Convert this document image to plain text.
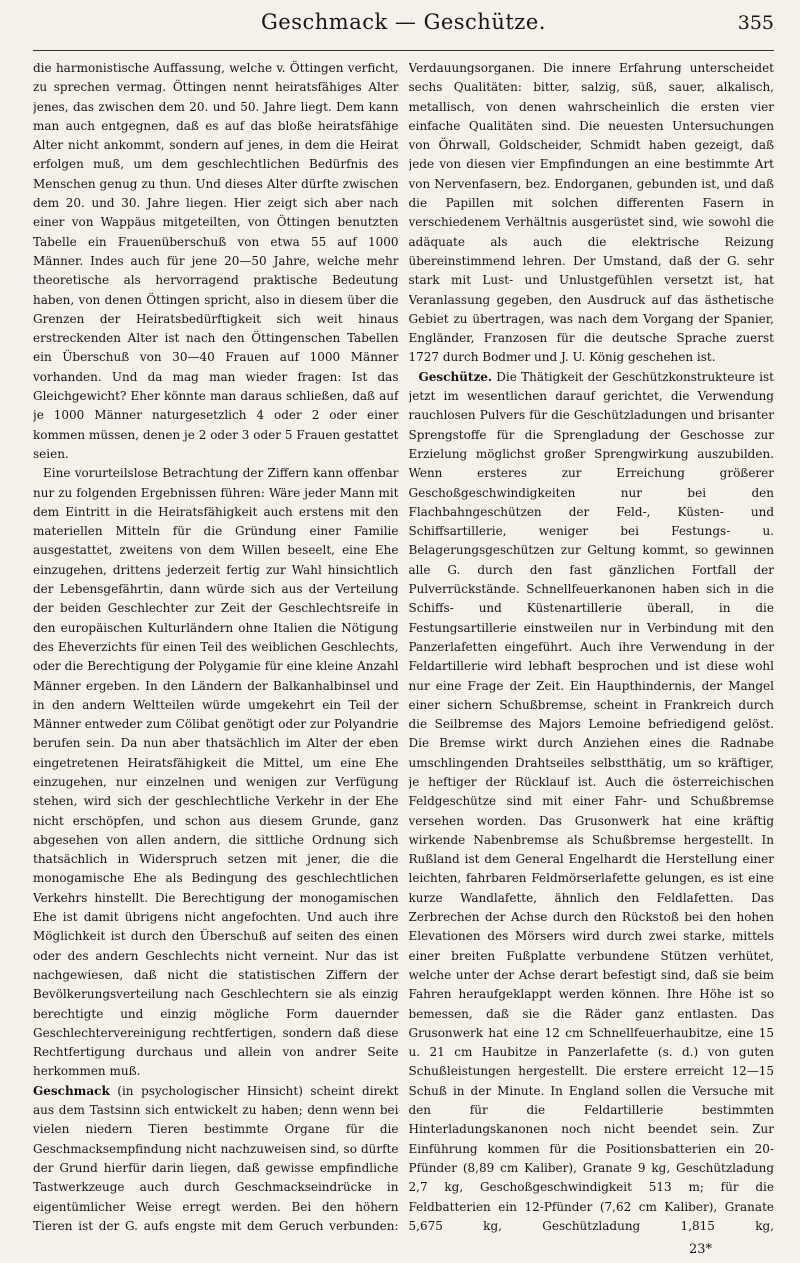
Geschmack — Geschütze.	355

die harmonistische Auffassung, welche v. Öttingen verficht, zu sprechen vermag. Öttingen nennt heiratsfähiges Alter jenes, das zwischen dem 20. und 50. Jahre liegt. Dem kann man auch entgegnen, daß es auf das bloße heiratsfähige Alter nicht ankommt, sondern auf jenes, in dem die Heirat erfolgen muß, um dem geschlechtlichen Bedürfnis des Menschen genug zu thun. Und dieses Alter dürfte zwischen dem 20. und 30. Jahre liegen. Hier zeigt sich aber nach einer von Wappäus mitgeteilten, von Öttingen benutzten Tabelle ein Frauenüberschuß von etwa 55 auf 1000 Männer. Indes auch für jene 20—50 Jahre, welche mehr theoretische als hervorragend praktische Bedeutung haben, von denen Öttingen spricht, also in diesem über die Grenzen der Heiratsbedürftigkeit sich weit hinaus erstreckenden Alter ist nach den Öttingenschen Tabellen ein Überschuß von 30—40 Frauen auf 1000 Männer vorhanden. Und da mag man wieder fragen: Ist das Gleichgewicht? Eher könnte man daraus schließen, daß auf je 1000 Männer naturgesetzlich 4 oder 2 oder einer kommen müssen, denen je 2 oder 3 oder 5 Frauen gestattet seien.

Eine vorurteilslose Betrachtung der Ziffern kann offenbar nur zu folgenden Ergebnissen führen: Wäre jeder Mann mit dem Eintritt in die Heiratsfähigkeit auch erstens mit den materiellen Mitteln für die Gründung einer Familie ausgestattet, zweitens von dem Willen beseelt, eine Ehe einzugehen, drittens jederzeit fertig zur Wahl hinsichtlich der Lebensgefährtin, dann würde sich aus der Verteilung der beiden Geschlechter zur Zeit der Geschlechtsreife in den europäischen Kulturländern ohne Italien die Nötigung des Eheverzichts für einen Teil des weiblichen Geschlechts, oder die Berechtigung der Polygamie für eine kleine Anzahl Männer ergeben. In den Ländern der Balkanhalbinsel und in den andern Weltteilen würde umgekehrt ein Teil der Männer entweder zum Cölibat genötigt oder zur Polyandrie berufen sein. Da nun aber thatsächlich im Alter der eben eingetretenen Heiratsfähigkeit die Mittel, um eine Ehe einzugehen, nur einzelnen und wenigen zur Verfügung stehen, wird sich der geschlechtliche Verkehr in der Ehe nicht erschöpfen, und schon aus diesem Grunde, ganz abgesehen von allen andern, die sittliche Ordnung sich thatsächlich in Widerspruch setzen mit jener, die die monogamische Ehe als Bedingung des geschlechtlichen Verkehrs hinstellt. Die Berechtigung der monogamischen Ehe ist damit übrigens nicht angefochten. Und auch ihre Möglichkeit ist durch den Überschuß auf seiten des einen oder des andern Geschlechts nicht verneint. Nur das ist nachgewiesen, daß nicht die statistischen Ziffern der Bevölkerungsverteilung nach Geschlechtern sie als einzig berechtigte und einzig mögliche Form dauernder Geschlechtervereinigung rechtfertigen, sondern daß diese Rechtfertigung durchaus und allein von andrer Seite herkommen muß.

Geschmack (in psychologischer Hinsicht) scheint direkt aus dem Tastsinn sich entwickelt zu haben; denn wenn bei vielen niedern Tieren bestimmte Organe für die Geschmacksempfindung nicht nachzuweisen sind, so dürfte der Grund hierfür darin liegen, daß gewisse empfindliche Tastwerkzeuge auch durch Geschmackseindrücke in eigentümlicher Weise erregt werden. Bei den höhern Tieren ist der G. aufs engste mit dem Geruch verbunden:

Verdauungsorganen. Die innere Erfahrung unterscheidet sechs Qualitäten: bitter, salzig, süß, sauer, alkalisch, metallisch, von denen wahrscheinlich die ersten vier einfache Qualitäten sind. Die neuesten Untersuchungen von Öhrwall, Goldscheider, Schmidt haben gezeigt, daß jede von diesen vier Empfindungen an eine bestimmte Art von Nervenfasern, bez. Endorganen, gebunden ist, und daß die Papillen mit solchen differenten Fasern in verschiedenem Verhältnis ausgerüstet sind, wie sowohl die adäquate als auch die elektrische Reizung übereinstimmend lehren. Der Umstand, daß der G. sehr stark mit Lust- und Unlustgefühlen versetzt ist, hat Veranlassung gegeben, den Ausdruck auf das ästhetische Gebiet zu übertragen, was nach dem Vorgang der Spanier, Engländer, Franzosen für die deutsche Sprache zuerst 1727 durch Bodmer und J. U. König geschehen ist.

Geschütze. Die Thätigkeit der Geschützkonstrukteure ist jetzt im wesentlichen darauf gerichtet, die Verwendung rauchlosen Pulvers für die Geschützladungen und brisanter Sprengstoffe für die Sprengladung der Geschosse zur Erzielung möglichst großer Sprengwirkung auszubilden. Wenn ersteres zur Erreichung größerer Geschoßgeschwindigkeiten nur bei den Flachbahngeschützen der Feld-, Küsten- und Schiffsartillerie, weniger bei Festungs- u. Belagerungsgeschützen zur Geltung kommt, so gewinnen alle G. durch den fast gänzlichen Fortfall der Pulverrückstände. Schnellfeuerkanonen haben sich in die Schiffs- und Küstenartillerie überall, in die Festungsartillerie einstweilen nur in Verbindung mit den Panzerlafetten eingeführt. Auch ihre Verwendung in der Feldartillerie wird lebhaft besprochen und ist diese wohl nur eine Frage der Zeit. Ein Haupthindernis, der Mangel einer sichern Schußbremse, scheint in Frankreich durch die Seilbremse des Majors Lemoine befriedigend gelöst. Die Bremse wirkt durch Anziehen eines die Radnabe umschlingenden Drahtseiles selbstthätig, um so kräftiger, je heftiger der Rücklauf ist. Auch die österreichischen Feldgeschütze sind mit einer Fahr- und Schußbremse versehen worden. Das Grusonwerk hat eine kräftig wirkende Nabenbremse als Schußbremse hergestellt. In Rußland ist dem General Engelhardt die Herstellung einer leichten, fahrbaren Feldmörserlafette gelungen, es ist eine kurze Wandlafette, ähnlich den Feldlafetten. Das Zerbrechen der Achse durch den Rückstoß bei den hohen Elevationen des Mörsers wird durch zwei starke, mittels einer breiten Fußplatte verbundene Stützen verhütet, welche unter der Achse derart befestigt sind, daß sie beim Fahren heraufgeklappt werden können. Ihre Höhe ist so bemessen, daß sie die Räder ganz entlasten. Das Grusonwerk hat eine 12 cm Schnellfeuerhaubitze, eine 15 u. 21 cm Haubitze in Panzerlafette (s. d.) von guten Schußleistungen hergestellt. Die erstere erreicht 12—15 Schuß in der Minute. In England sollen die Versuche mit den für die Feldartillerie bestimmten Hinterladungskanonen noch nicht beendet sein. Zur Einführung kommen für die Positionsbatterien ein 20-Pfünder (8,89 cm Kaliber), Granate 9 kg, Geschützladung 2,7 kg, Geschoßgeschwindigkeit 513 m; für die Feldbatterien ein 12-Pfünder (7,62 cm Kaliber), Granate 5,675 kg, Geschützladung 1,815 kg,

23*
